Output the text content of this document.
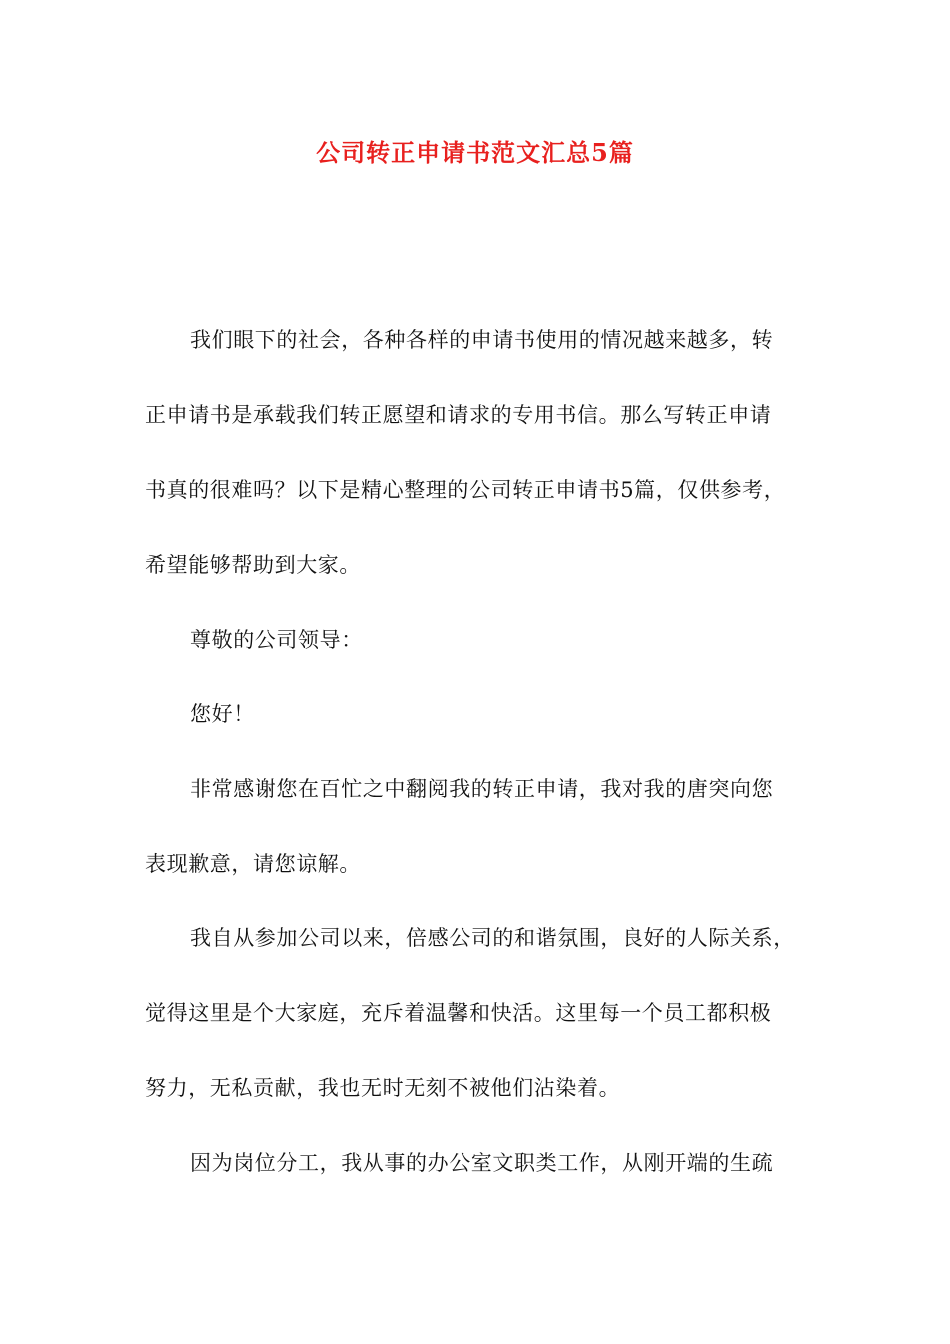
公司转正申请书范文汇总5篇
我们眼下的社会，各种各样的申请书使用的情况越来越多，转
正申请书是承载我们转正愿望和请求的专用书信。那么写转正申请
书真的很难吗？以下是精心整理的公司转正申请书5篇，仅供参考，
希望能够帮助到大家。
尊敬的公司领导：
您好！
非常感谢您在百忙之中翻阅我的转正申请，我对我的唐突向您
表现歉意，请您谅解。
我自从参加公司以来，倍感公司的和谐氛围，良好的人际关系，
觉得这里是个大家庭，充斥着温馨和快活。这里每一个员工都积极
努力，无私贡献，我也无时无刻不被他们沾染着。
因为岗位分工，我从事的办公室文职类工作，从刚开端的生疏
